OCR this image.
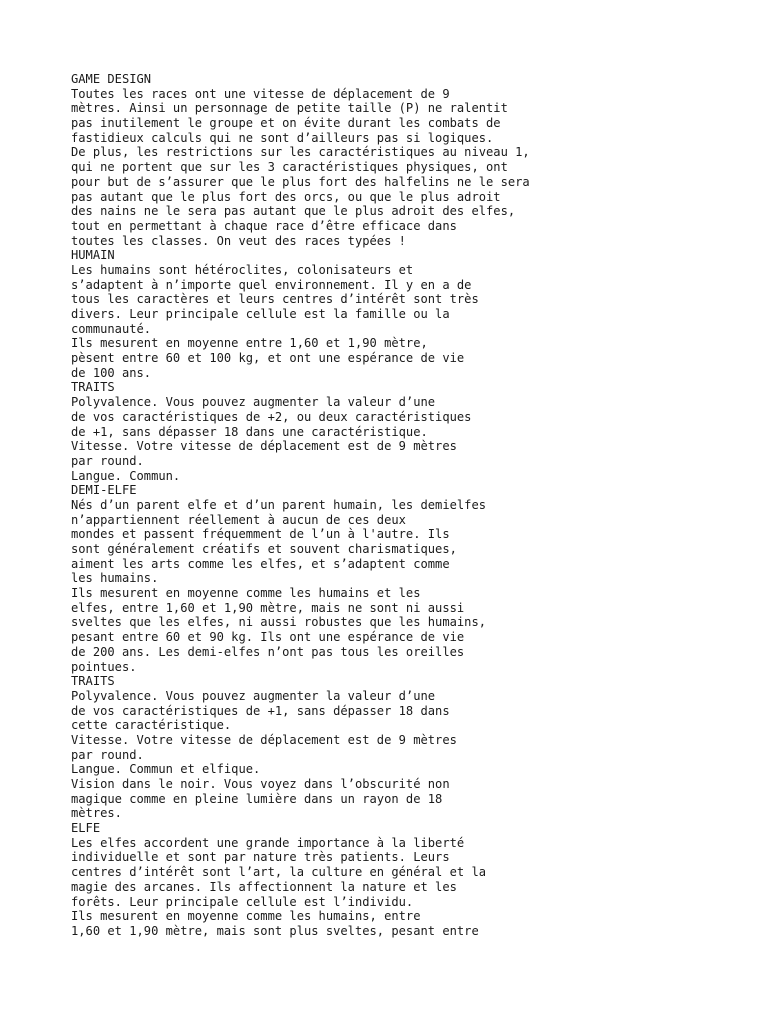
GAME DESIGN
Toutes les races ont une vitesse de déplacement de 9
mètres. Ainsi un personnage de petite taille (P) ne ralentit
pas inutilement le groupe et on évite durant les combats de
fastidieux calculs qui ne sont d’ailleurs pas si logiques.
De plus, les restrictions sur les caractéristiques au niveau 1,
qui ne portent que sur les 3 caractéristiques physiques, ont
pour but de s’assurer que le plus fort des halfelins ne le sera
pas autant que le plus fort des orcs, ou que le plus adroit
des nains ne le sera pas autant que le plus adroit des elfes,
tout en permettant à chaque race d’être efficace dans
toutes les classes. On veut des races typées !
HUMAIN
Les humains sont hétéroclites, colonisateurs et
s’adaptent à n’importe quel environnement. Il y en a de
tous les caractères et leurs centres d’intérêt sont très
divers. Leur principale cellule est la famille ou la
communauté.
Ils mesurent en moyenne entre 1,60 et 1,90 mètre,
pèsent entre 60 et 100 kg, et ont une espérance de vie
de 100 ans.
TRAITS
Polyvalence. Vous pouvez augmenter la valeur d’une
de vos caractéristiques de +2, ou deux caractéristiques
de +1, sans dépasser 18 dans une caractéristique.
Vitesse. Votre vitesse de déplacement est de 9 mètres
par round.
Langue. Commun.
DEMI-ELFE
Nés d’un parent elfe et d’un parent humain, les demielfes
n’appartiennent réellement à aucun de ces deux
mondes et passent fréquemment de l’un à l'autre. Ils
sont généralement créatifs et souvent charismatiques,
aiment les arts comme les elfes, et s’adaptent comme
les humains.
Ils mesurent en moyenne comme les humains et les
elfes, entre 1,60 et 1,90 mètre, mais ne sont ni aussi
sveltes que les elfes, ni aussi robustes que les humains,
pesant entre 60 et 90 kg. Ils ont une espérance de vie
de 200 ans. Les demi-elfes n’ont pas tous les oreilles
pointues.
TRAITS
Polyvalence. Vous pouvez augmenter la valeur d’une
de vos caractéristiques de +1, sans dépasser 18 dans
cette caractéristique.
Vitesse. Votre vitesse de déplacement est de 9 mètres
par round.
Langue. Commun et elfique.
Vision dans le noir. Vous voyez dans l’obscurité non
magique comme en pleine lumière dans un rayon de 18
mètres.
ELFE
Les elfes accordent une grande importance à la liberté
individuelle et sont par nature très patients. Leurs
centres d’intérêt sont l’art, la culture en général et la
magie des arcanes. Ils affectionnent la nature et les
forêts. Leur principale cellule est l’individu.
Ils mesurent en moyenne comme les humains, entre
1,60 et 1,90 mètre, mais sont plus sveltes, pesant entre
